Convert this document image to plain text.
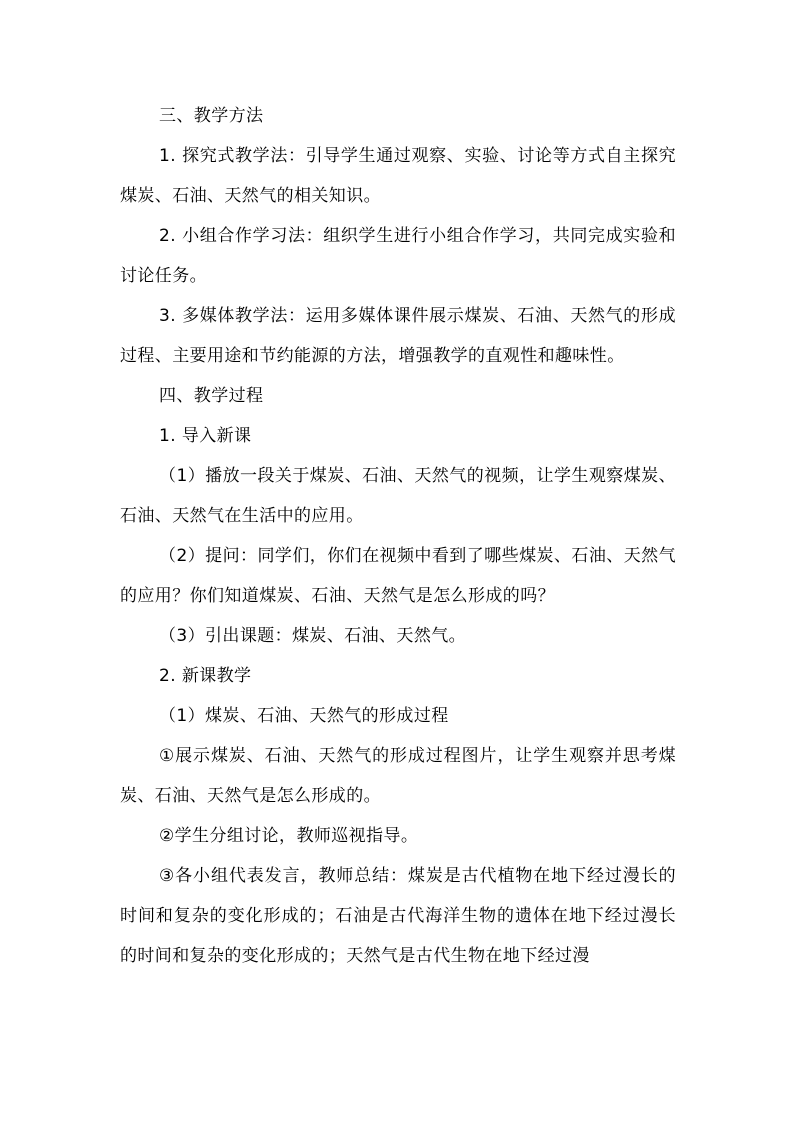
三、教学方法

1. 探究式教学法：引导学生通过观察、实验、讨论等方式自主探究煤炭、石油、天然气的相关知识。

2. 小组合作学习法：组织学生进行小组合作学习，共同完成实验和讨论任务。

3. 多媒体教学法：运用多媒体课件展示煤炭、石油、天然气的形成过程、主要用途和节约能源的方法，增强教学的直观性和趣味性。

四、教学过程

1. 导入新课

（1）播放一段关于煤炭、石油、天然气的视频，让学生观察煤炭、石油、天然气在生活中的应用。

（2）提问：同学们，你们在视频中看到了哪些煤炭、石油、天然气的应用？你们知道煤炭、石油、天然气是怎么形成的吗？

（3）引出课题：煤炭、石油、天然气。

2. 新课教学

（1）煤炭、石油、天然气的形成过程

①展示煤炭、石油、天然气的形成过程图片，让学生观察并思考煤炭、石油、天然气是怎么形成的。

②学生分组讨论，教师巡视指导。

③各小组代表发言，教师总结：煤炭是古代植物在地下经过漫长的时间和复杂的变化形成的；石油是古代海洋生物的遗体在地下经过漫长的时间和复杂的变化形成的；天然气是古代生物在地下经过漫
